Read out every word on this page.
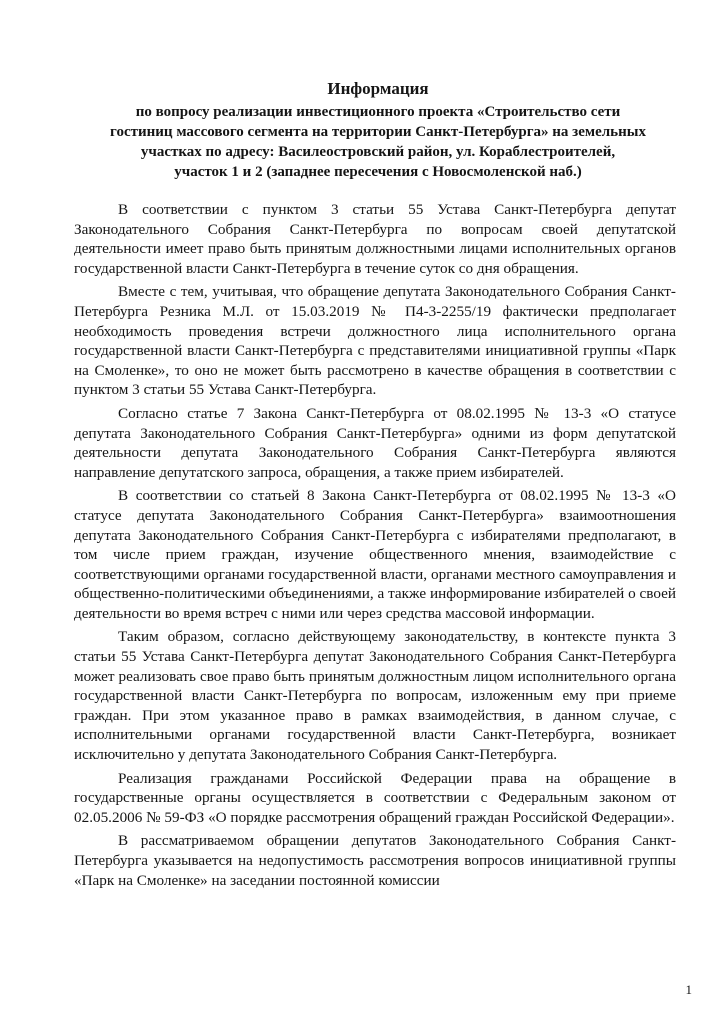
Информация

по вопросу реализации инвестиционного проекта «Строительство сети

гостиниц массового сегмента на территории Санкт-Петербурга» на земельных

участках по адресу: Василеостровский район, ул. Кораблестроителей,

участок 1 и 2 (западнее пересечения с Новосмоленской наб.)

В соответствии с пунктом 3 статьи 55 Устава Санкт-Петербурга депутат Законодательного Собрания Санкт-Петербурга по вопросам своей депутатской деятельности имеет право быть принятым должностными лицами исполнительных органов государственной власти Санкт-Петербурга в течение суток со дня обращения.

Вместе с тем, учитывая, что обращение депутата Законодательного Собрания Санкт-Петербурга Резника М.Л. от 15.03.2019 № П4-3-2255/19 фактически предполагает необходимость проведения встречи должностного лица исполнительного органа государственной власти Санкт-Петербурга с представителями инициативной группы «Парк на Смоленке», то оно не может быть рассмотрено в качестве обращения в соответствии с пунктом 3 статьи 55 Устава Санкт-Петербурга.

Согласно статье 7 Закона Санкт-Петербурга от 08.02.1995 № 13-3 «О статусе депутата Законодательного Собрания Санкт-Петербурга» одними из форм депутатской деятельности депутата Законодательного Собрания Санкт-Петербурга являются направление депутатского запроса, обращения, а также прием избирателей.

В соответствии со статьей 8 Закона Санкт-Петербурга от 08.02.1995 № 13-3 «О статусе депутата Законодательного Собрания Санкт-Петербурга» взаимоотношения депутата Законодательного Собрания Санкт-Петербурга с избирателями предполагают, в том числе прием граждан, изучение общественного мнения, взаимодействие с соответствующими органами государственной власти, органами местного самоуправления и общественно-политическими объединениями, а также информирование избирателей о своей деятельности во время встреч с ними или через средства массовой информации.

Таким образом, согласно действующему законодательству, в контексте пункта 3 статьи 55 Устава Санкт-Петербурга депутат Законодательного Собрания Санкт-Петербурга может реализовать свое право быть принятым должностным лицом исполнительного органа государственной власти Санкт-Петербурга по вопросам, изложенным ему при приеме граждан. При этом указанное право в рамках взаимодействия, в данном случае, с исполнительными органами государственной власти Санкт-Петербурга, возникает исключительно у депутата Законодательного Собрания Санкт-Петербурга.

Реализация гражданами Российской Федерации права на обращение в государственные органы осуществляется в соответствии с Федеральным законом от 02.05.2006 № 59-ФЗ «О порядке рассмотрения обращений граждан Российской Федерации».

В рассматриваемом обращении депутатов Законодательного Собрания Санкт-Петербурга указывается на недопустимость рассмотрения вопросов инициативной группы «Парк на Смоленке» на заседании постоянной комиссии

1
